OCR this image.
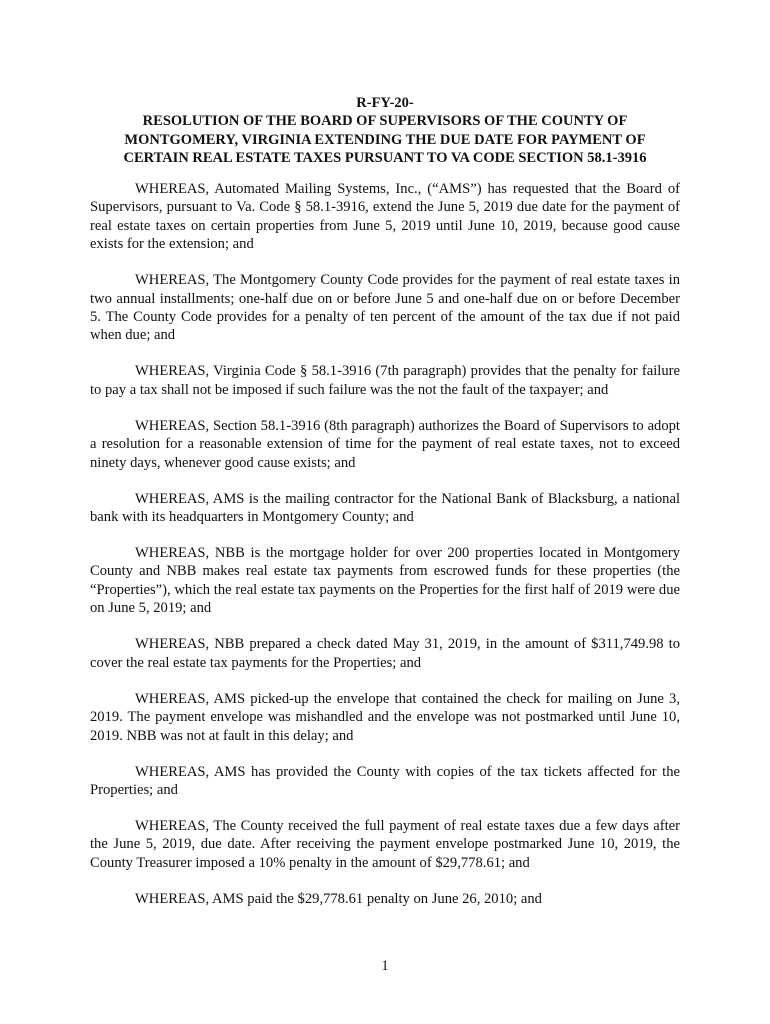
R-FY-20-
RESOLUTION OF THE BOARD OF SUPERVISORS OF THE COUNTY OF
MONTGOMERY, VIRGINIA EXTENDING THE DUE DATE FOR PAYMENT OF
CERTAIN REAL ESTATE TAXES PURSUANT TO VA CODE SECTION 58.1-3916

WHEREAS, Automated Mailing Systems, Inc., (“AMS”) has requested that the Board of Supervisors, pursuant to Va. Code § 58.1-3916, extend the June 5, 2019 due date for the payment of real estate taxes on certain properties from June 5, 2019 until June 10, 2019, because good cause exists for the extension; and

WHEREAS, The Montgomery County Code provides for the payment of real estate taxes in two annual installments; one-half due on or before June 5 and one-half due on or before December 5. The County Code provides for a penalty of ten percent of the amount of the tax due if not paid when due; and

WHEREAS, Virginia Code § 58.1-3916 (7th paragraph) provides that the penalty for failure to pay a tax shall not be imposed if such failure was the not the fault of the taxpayer; and

WHEREAS, Section 58.1-3916 (8th paragraph) authorizes the Board of Supervisors to adopt a resolution for a reasonable extension of time for the payment of real estate taxes, not to exceed ninety days, whenever good cause exists; and

WHEREAS, AMS is the mailing contractor for the National Bank of Blacksburg, a national bank with its headquarters in Montgomery County; and

WHEREAS, NBB is the mortgage holder for over 200 properties located in Montgomery County and NBB makes real estate tax payments from escrowed funds for these properties (the “Properties”), which the real estate tax payments on the Properties for the first half of 2019 were due on June 5, 2019; and

WHEREAS, NBB prepared a check dated May 31, 2019, in the amount of $311,749.98 to cover the real estate tax payments for the Properties; and

WHEREAS, AMS picked-up the envelope that contained the check for mailing on June 3, 2019. The payment envelope was mishandled and the envelope was not postmarked until June 10, 2019. NBB was not at fault in this delay; and

WHEREAS, AMS has provided the County with copies of the tax tickets affected for the Properties; and

WHEREAS, The County received the full payment of real estate taxes due a few days after the June 5, 2019, due date. After receiving the payment envelope postmarked June 10, 2019, the County Treasurer imposed a 10% penalty in the amount of $29,778.61; and

WHEREAS, AMS paid the $29,778.61 penalty on June 26, 2010; and

1
